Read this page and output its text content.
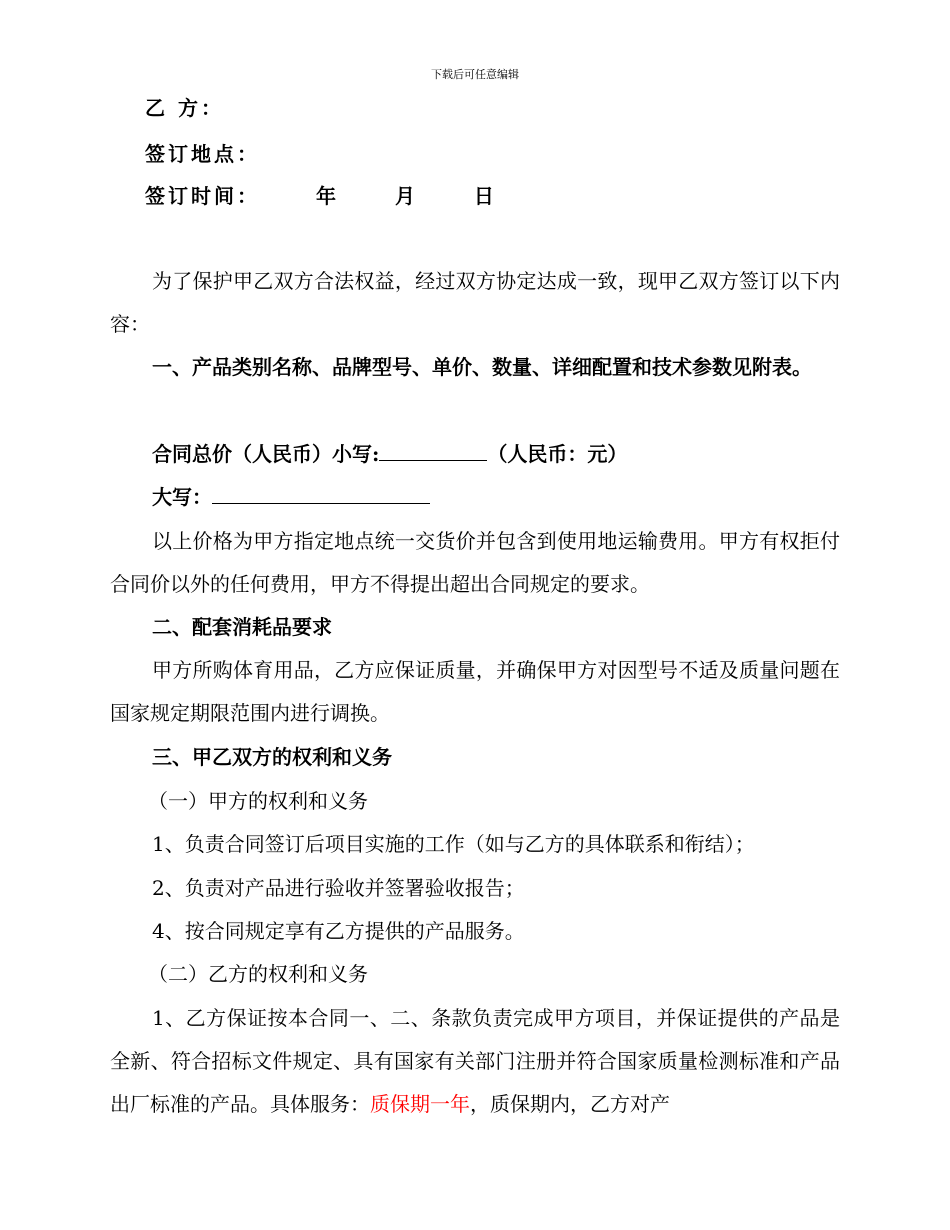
下载后可任意编辑
乙 方：
签订地点：
签订时间：	年	月	日
为了保护甲乙双方合法权益，经过双方协定达成一致，现甲乙双方签订以下内容：
一、产品类别名称、品牌型号、单价、数量、详细配置和技术参数见附表。
合同总价（人民币）小写:	（人民币：元）
大写：
以上价格为甲方指定地点统一交货价并包含到使用地运输费用。甲方有权拒付合同价以外的任何费用，甲方不得提出超出合同规定的要求。
二、配套消耗品要求
甲方所购体育用品，乙方应保证质量，并确保甲方对因型号不适及质量问题在国家规定期限范围内进行调换。
三、甲乙双方的权利和义务
（一）甲方的权利和义务
1、负责合同签订后项目实施的工作（如与乙方的具体联系和衔结）；
2、负责对产品进行验收并签署验收报告；
4、按合同规定享有乙方提供的产品服务。
（二）乙方的权利和义务
1、乙方保证按本合同一、二、条款负责完成甲方项目，并保证提供的产品是全新、符合招标文件规定、具有国家有关部门注册并符合国家质量检测标准和产品出厂标准的产品。具体服务：质保期一年，质保期内，乙方对产
